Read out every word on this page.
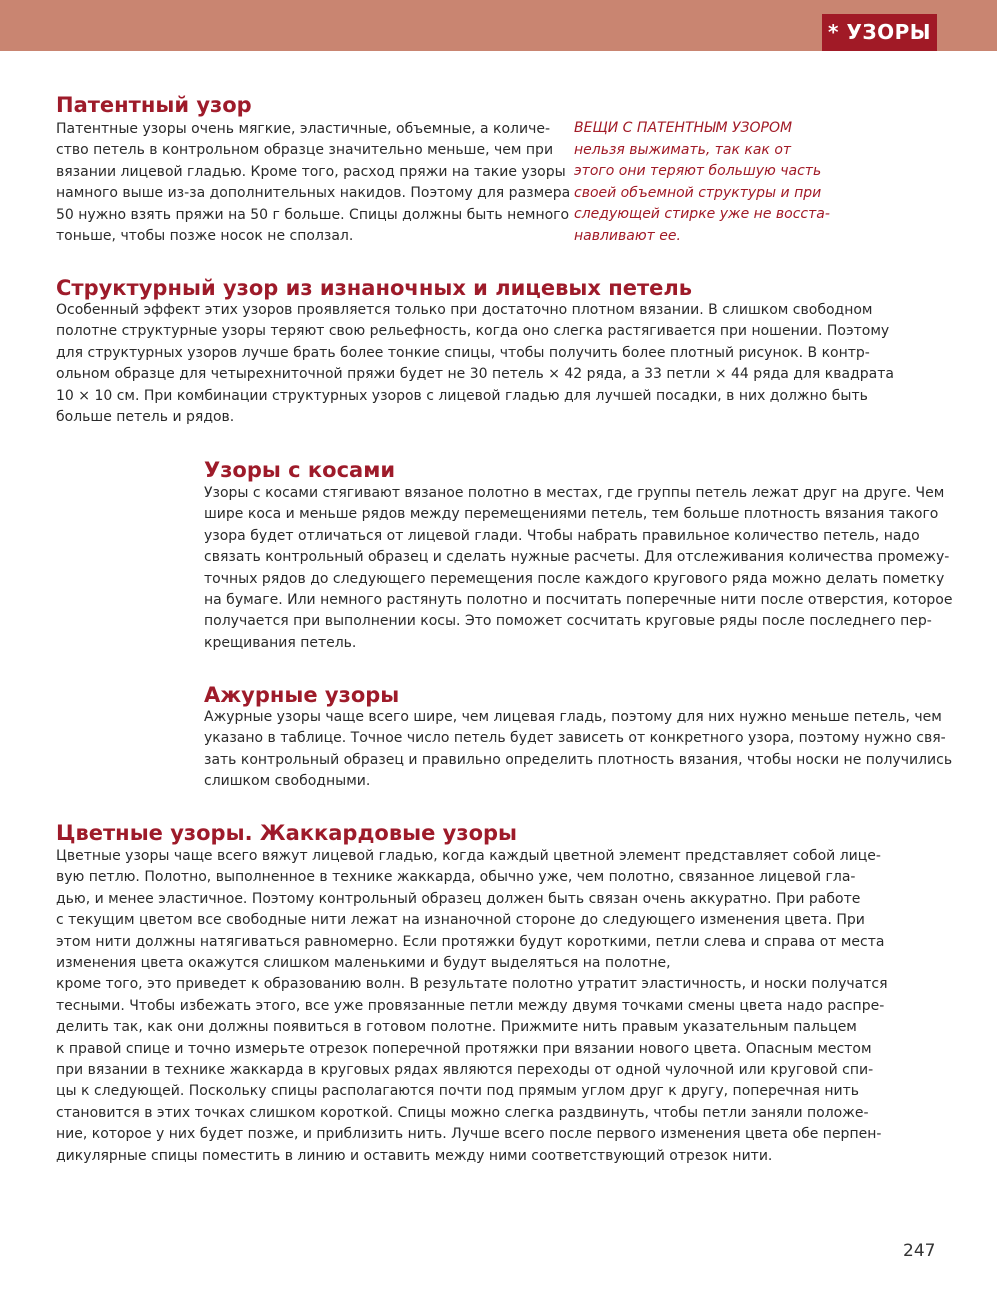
* УЗОРЫ *
Патентный узор
Патентные узоры очень мягкие, эластичные, объемные, а количе-
ство петель в контрольном образце значительно меньше, чем при
вязании лицевой гладью. Кроме того, расход пряжи на такие узоры
намного выше из-за дополнительных накидов. Поэтому для размера
50 нужно взять пряжи на 50 г больше. Спицы должны быть немного
тоньше, чтобы позже носок не сползал.
ВЕЩИ С ПАТЕНТНЫМ УЗОРОМ
нельзя выжимать, так как от
этого они теряют большую часть
своей объемной структуры и при
следующей стирке уже не восста-
навливают ее.
Структурный узор из изнаночных и лицевых петель
Особенный эффект этих узоров проявляется только при достаточно плотном вязании. В слишком свободном
полотне структурные узоры теряют свою рельефность, когда оно слегка растягивается при ношении. Поэтому
для структурных узоров лучше брать более тонкие спицы, чтобы получить более плотный рисунок. В контр-
ольном образце для четырехниточной пряжи будет не 30 петель × 42 ряда, а 33 петли × 44 ряда для квадрата
10 × 10 см. При комбинации структурных узоров с лицевой гладью для лучшей посадки, в них должно быть
больше петель и рядов.
Узоры с косами
Узоры с косами стягивают вязаное полотно в местах, где группы петель лежат друг на друге. Чем
шире коса и меньше рядов между перемещениями петель, тем больше плотность вязания такого
узора будет отличаться от лицевой глади. Чтобы набрать правильное количество петель, надо
связать контрольный образец и сделать нужные расчеты. Для отслеживания количества промежу-
точных рядов до следующего перемещения после каждого кругового ряда можно делать пометку
на бумаге. Или немного растянуть полотно и посчитать поперечные нити после отверстия, которое
получается при выполнении косы. Это поможет сосчитать круговые ряды после последнего пер-
крещивания петель.
Ажурные узоры
Ажурные узоры чаще всего шире, чем лицевая гладь, поэтому для них нужно меньше петель, чем
указано в таблице. Точное число петель будет зависеть от конкретного узора, поэтому нужно свя-
зать контрольный образец и правильно определить плотность вязания, чтобы носки не получились
слишком свободными.
Цветные узоры. Жаккардовые узоры
Цветные узоры чаще всего вяжут лицевой гладью, когда каждый цветной элемент представляет собой лице-
вую петлю. Полотно, выполненное в технике жаккарда, обычно уже, чем полотно, связанное лицевой гла-
дью, и менее эластичное. Поэтому контрольный образец должен быть связан очень аккуратно. При работе
с текущим цветом все свободные нити лежат на изнаночной стороне до следующего изменения цвета. При
этом нити должны натягиваться равномерно. Если протяжки будут короткими, петли слева и справа от места
изменения цвета окажутся слишком маленькими и будут выделяться на полотне,
кроме того, это приведет к образованию волн. В результате полотно утратит эластичность, и носки получатся
тесными. Чтобы избежать этого, все уже провязанные петли между двумя точками смены цвета надо распре-
делить так, как они должны появиться в готовом полотне. Прижмите нить правым указательным пальцем
к правой спице и точно измерьте отрезок поперечной протяжки при вязании нового цвета. Опасным местом
при вязании в технике жаккарда в круговых рядах являются переходы от одной чулочной или круговой спи-
цы к следующей. Поскольку спицы располагаются почти под прямым углом друг к другу, поперечная нить
становится в этих точках слишком короткой. Спицы можно слегка раздвинуть, чтобы петли заняли положе-
ние, которое у них будет позже, и приблизить нить. Лучше всего после первого изменения цвета обе перпен-
дикулярные спицы поместить в линию и оставить между ними соответствующий отрезок нити.
247
